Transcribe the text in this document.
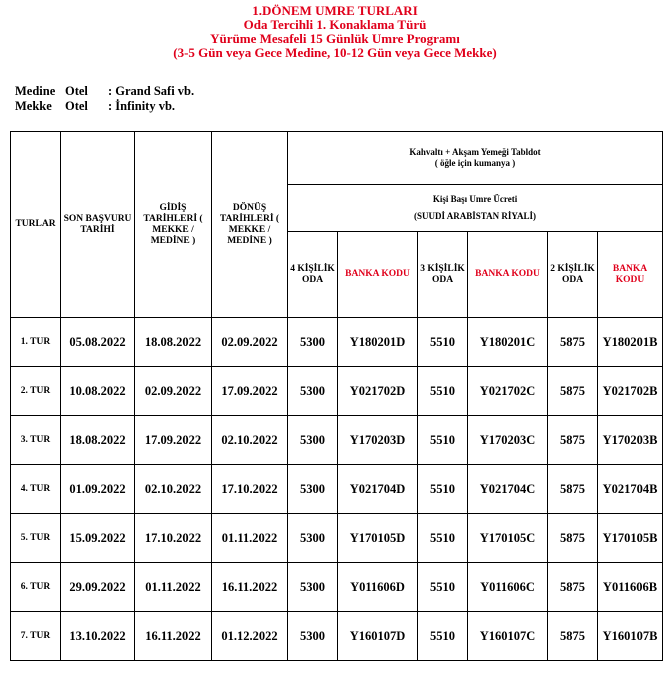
1.DÖNEM UMRE TURLARI
Oda Tercihli 1. Konaklama Türü
Yürüme Mesafeli 15 Günlük Umre Programı
(3-5 Gün veya Gece Medine, 10-12 Gün veya Gece Mekke)
Medine Otel	: Grand Safi vb.
Mekke	Otel	: İnfinity vb.
TURLAR	SON BAŞVURU TARİHİ	GİDİŞ TARİHLERİ ( MEKKE / MEDİNE )	DÖNÜŞ TARİHLERİ ( MEKKE / MEDİNE )	Kahvaltı + Akşam Yemeği Tabldot
( öğle için kumanya )					

				Kişi Başı Umre Ücreti
(SUUDİ ARABİSTAN RİYALİ)					

				4 KİŞİLİK ODA	BANKA KODU	3 KİŞİLİK ODA	BANKA KODU	2 KİŞİLİK ODA	BANKA KODU
1. TUR	05.08.2022	18.08.2022	02.09.2022	5300	Y180201D	5510	Y180201C	5875	Y180201B
2. TUR	10.08.2022	02.09.2022	17.09.2022	5300	Y021702D	5510	Y021702C	5875	Y021702B
3. TUR	18.08.2022	17.09.2022	02.10.2022	5300	Y170203D	5510	Y170203C	5875	Y170203B
4. TUR	01.09.2022	02.10.2022	17.10.2022	5300	Y021704D	5510	Y021704C	5875	Y021704B
5. TUR	15.09.2022	17.10.2022	01.11.2022	5300	Y170105D	5510	Y170105C	5875	Y170105B
6. TUR	29.09.2022	01.11.2022	16.11.2022	5300	Y011606D	5510	Y011606C	5875	Y011606B
7. TUR	13.10.2022	16.11.2022	01.12.2022	5300	Y160107D	5510	Y160107C	5875	Y160107B
